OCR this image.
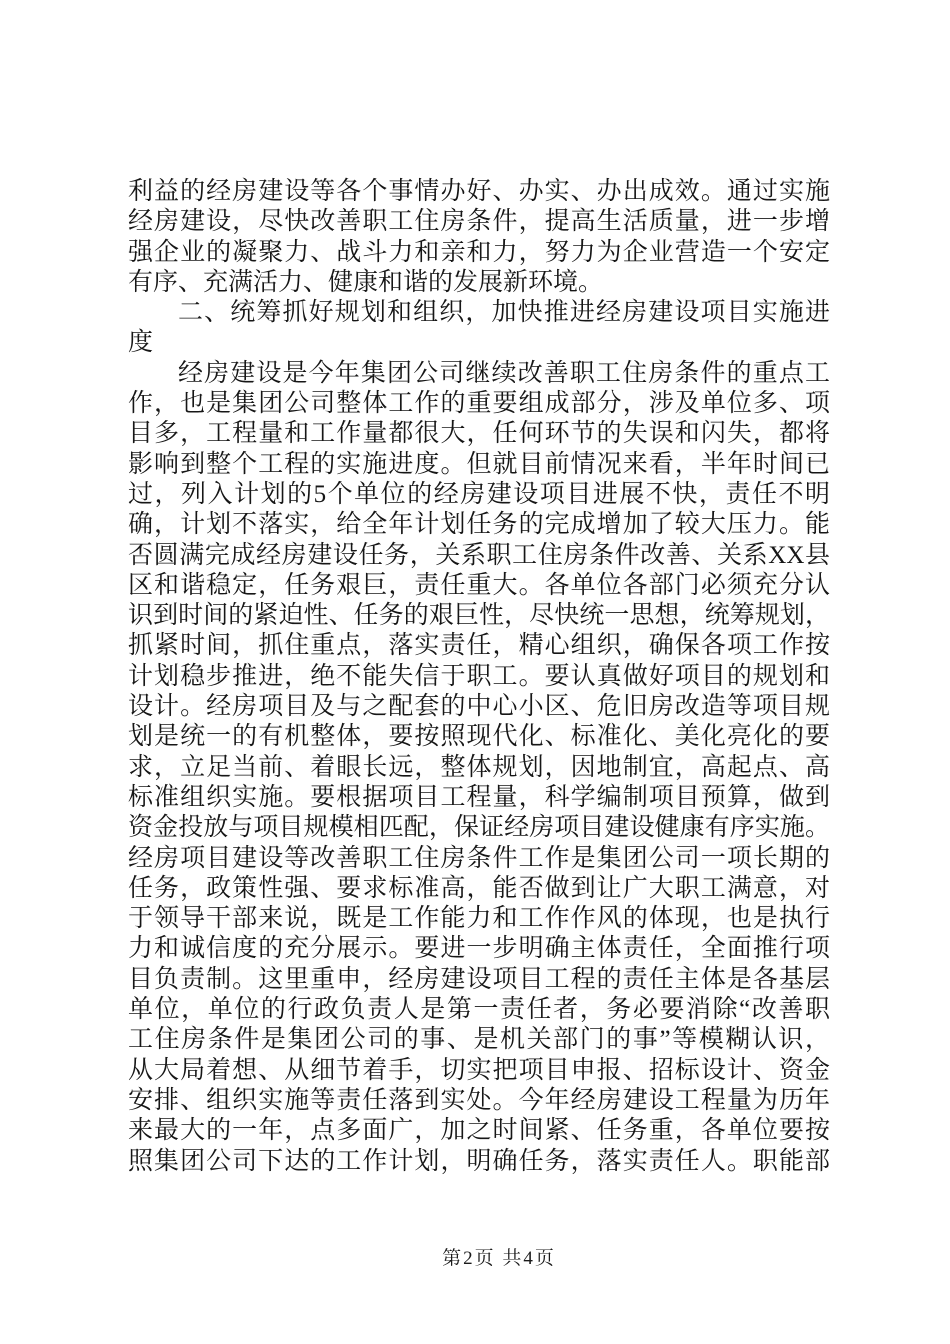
利益的经房建设等各个事情办好、办实、办出成效。通过实施
经房建设，尽快改善职工住房条件，提高生活质量，进一步增
强企业的凝聚力、战斗力和亲和力，努力为企业营造一个安定
有序、充满活力、健康和谐的发展新环境。
二、统筹抓好规划和组织，加快推进经房建设项目实施进
度
经房建设是今年集团公司继续改善职工住房条件的重点工
作，也是集团公司整体工作的重要组成部分，涉及单位多、项
目多，工程量和工作量都很大，任何环节的失误和闪失，都将
影响到整个工程的实施进度。但就目前情况来看，半年时间已
过，列入计划的5个单位的经房建设项目进展不快，责任不明
确，计划不落实，给全年计划任务的完成增加了较大压力。能
否圆满完成经房建设任务，关系职工住房条件改善、关系XX县
区和谐稳定，任务艰巨，责任重大。各单位各部门必须充分认
识到时间的紧迫性、任务的艰巨性，尽快统一思想，统筹规划，
抓紧时间，抓住重点，落实责任，精心组织，确保各项工作按
计划稳步推进，绝不能失信于职工。要认真做好项目的规划和
设计。经房项目及与之配套的中心小区、危旧房改造等项目规
划是统一的有机整体，要按照现代化、标准化、美化亮化的要
求，立足当前、着眼长远，整体规划，因地制宜，高起点、高
标准组织实施。要根据项目工程量，科学编制项目预算，做到
资金投放与项目规模相匹配，保证经房项目建设健康有序实施。
经房项目建设等改善职工住房条件工作是集团公司一项长期的
任务，政策性强、要求标准高，能否做到让广大职工满意，对
于领导干部来说，既是工作能力和工作作风的体现，也是执行
力和诚信度的充分展示。要进一步明确主体责任，全面推行项
目负责制。这里重申，经房建设项目工程的责任主体是各基层
单位，单位的行政负责人是第一责任者，务必要消除“改善职
工住房条件是集团公司的事、是机关部门的事”等模糊认识，
从大局着想、从细节着手，切实把项目申报、招标设计、资金
安排、组织实施等责任落到实处。今年经房建设工程量为历年
来最大的一年，点多面广，加之时间紧、任务重，各单位要按
照集团公司下达的工作计划，明确任务，落实责任人。职能部
第2页 共4页
